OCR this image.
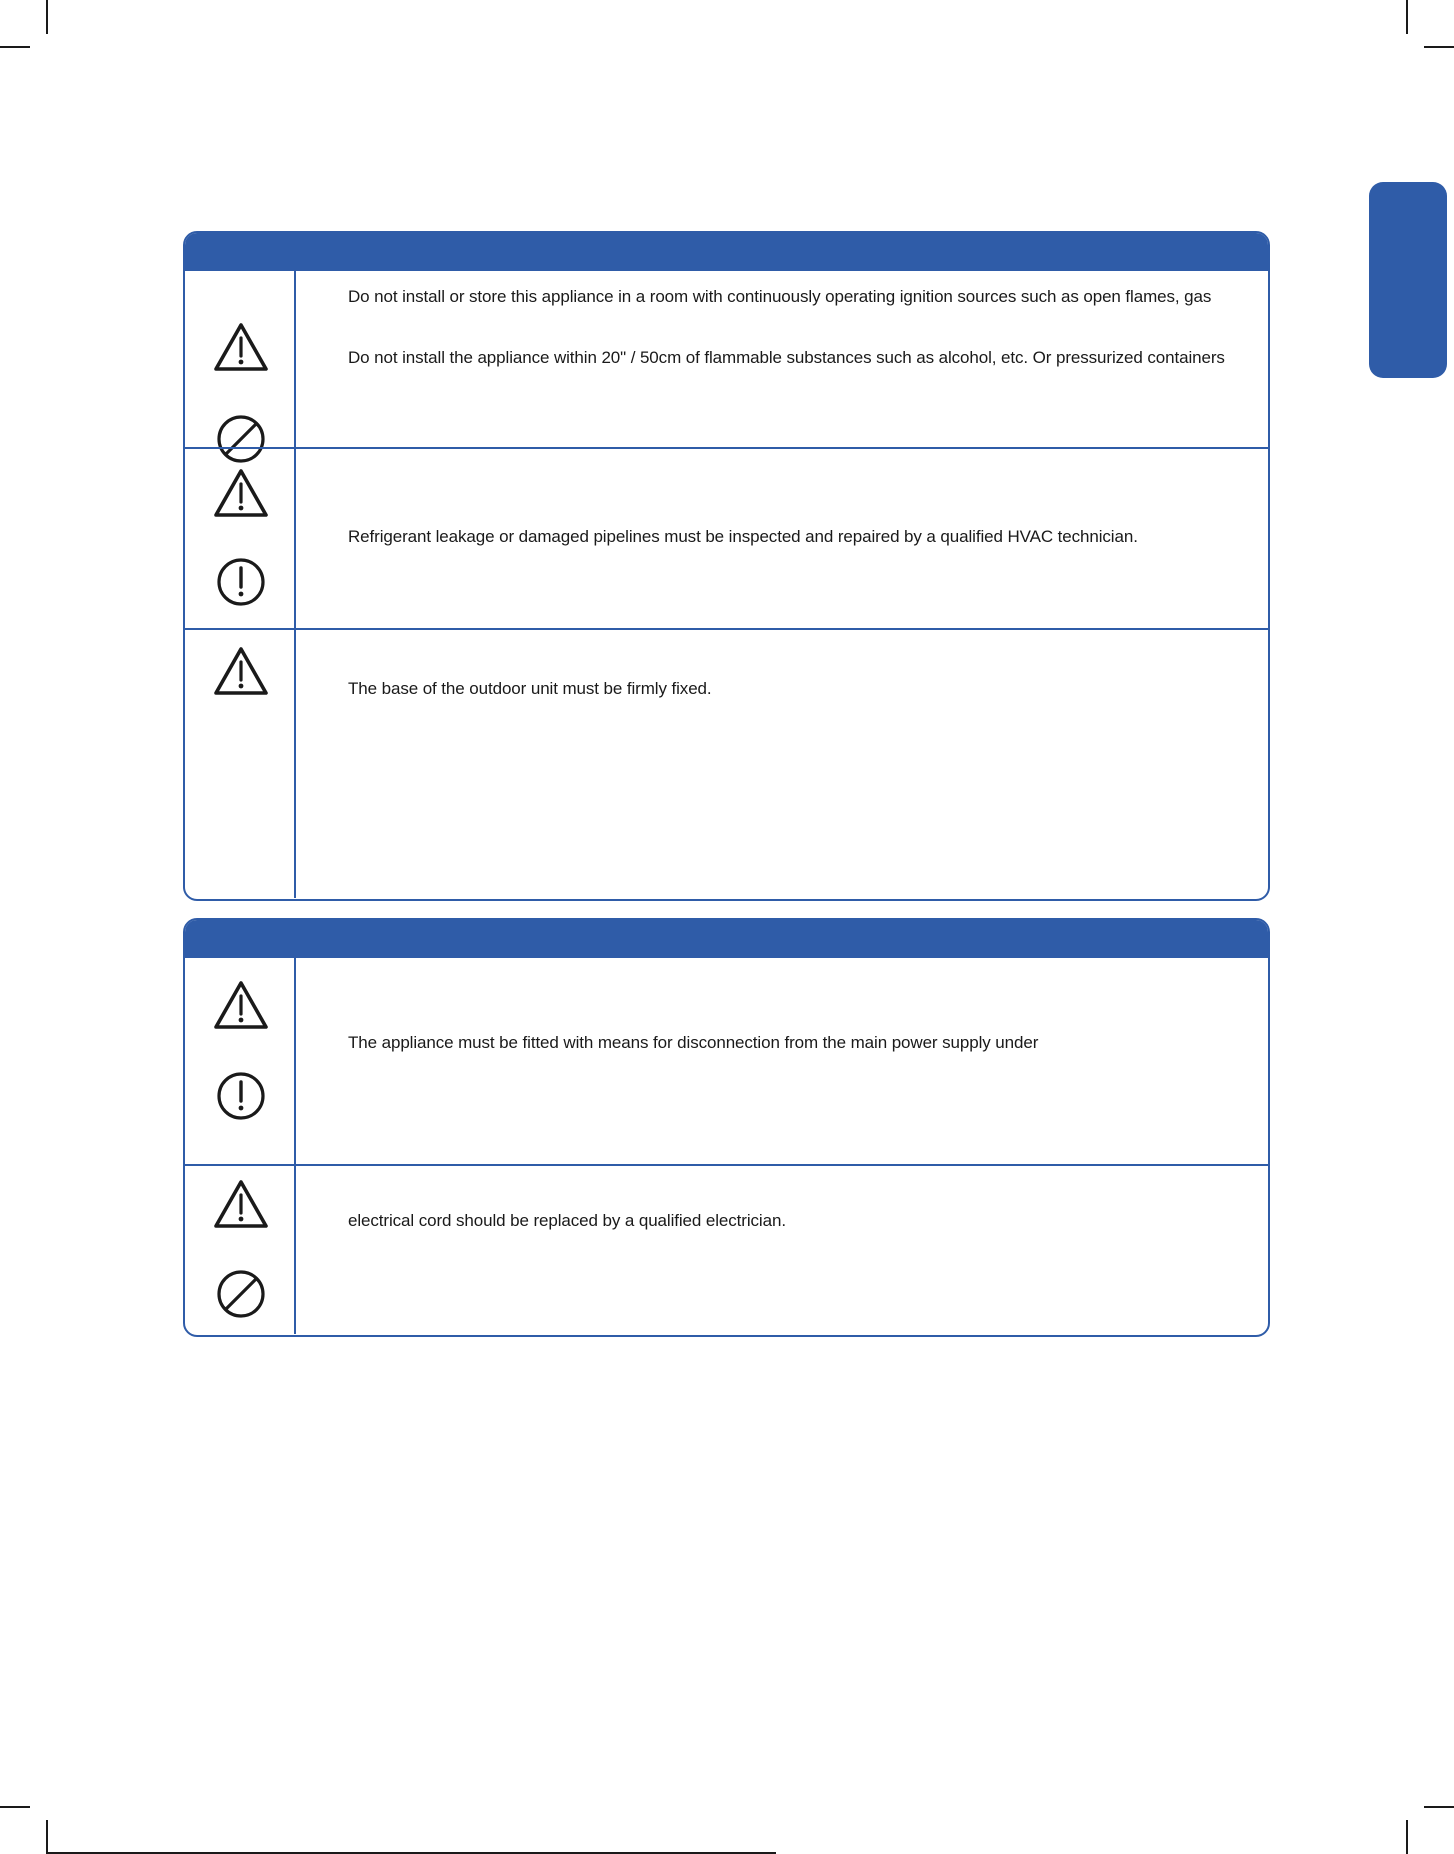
Do not install or store this appliance in a room with continuously operating ignition sources such as open flames, gas
Do not install the appliance within 20" / 50cm of flammable substances such as alcohol, etc. Or pressurized containers
Refrigerant leakage or damaged pipelines must be inspected and repaired by a qualified HVAC technician.
The base of the outdoor unit must be firmly fixed.
The appliance must be fitted with means for disconnection from the main power supply under
electrical cord should be replaced by a qualified electrician.
